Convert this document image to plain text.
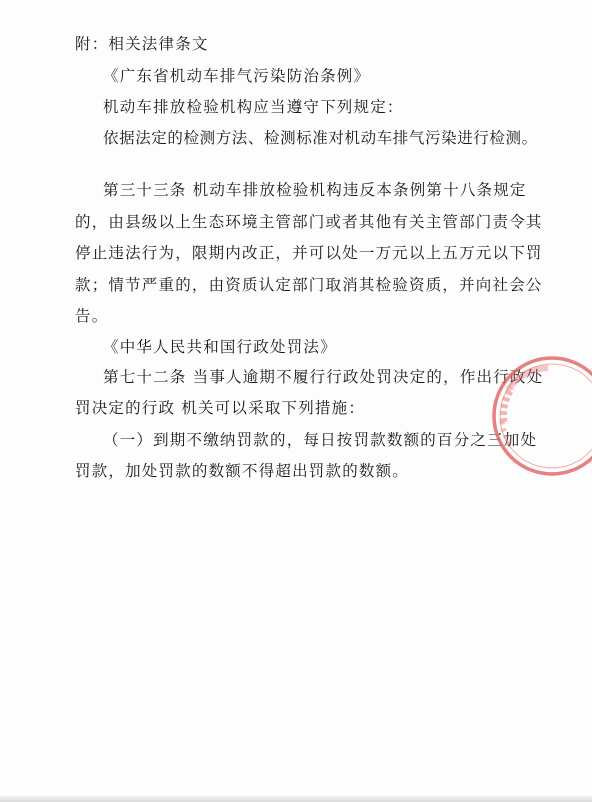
附：相关法律条文

《广东省机动车排气污染防治条例》

机动车排放检验机构应当遵守下列规定：

依据法定的检测方法、检测标准对机动车排气污染进行检测。

第三十三条 机动车排放检验机构违反本条例第十八条规定

的，由县级以上生态环境主管部门或者其他有关主管部门责令其

停止违法行为，限期内改正，并可以处一万元以上五万元以下罚

款；情节严重的，由资质认定部门取消其检验资质，并向社会公

告。

《中华人民共和国行政处罚法》

第七十二条 当事人逾期不履行行政处罚决定的，作出行政处

罚决定的行政 机关可以采取下列措施：

（一）到期不缴纳罚款的，每日按罚款数额的百分之三加处

罚款，加处罚款的数额不得超出罚款的数额。
